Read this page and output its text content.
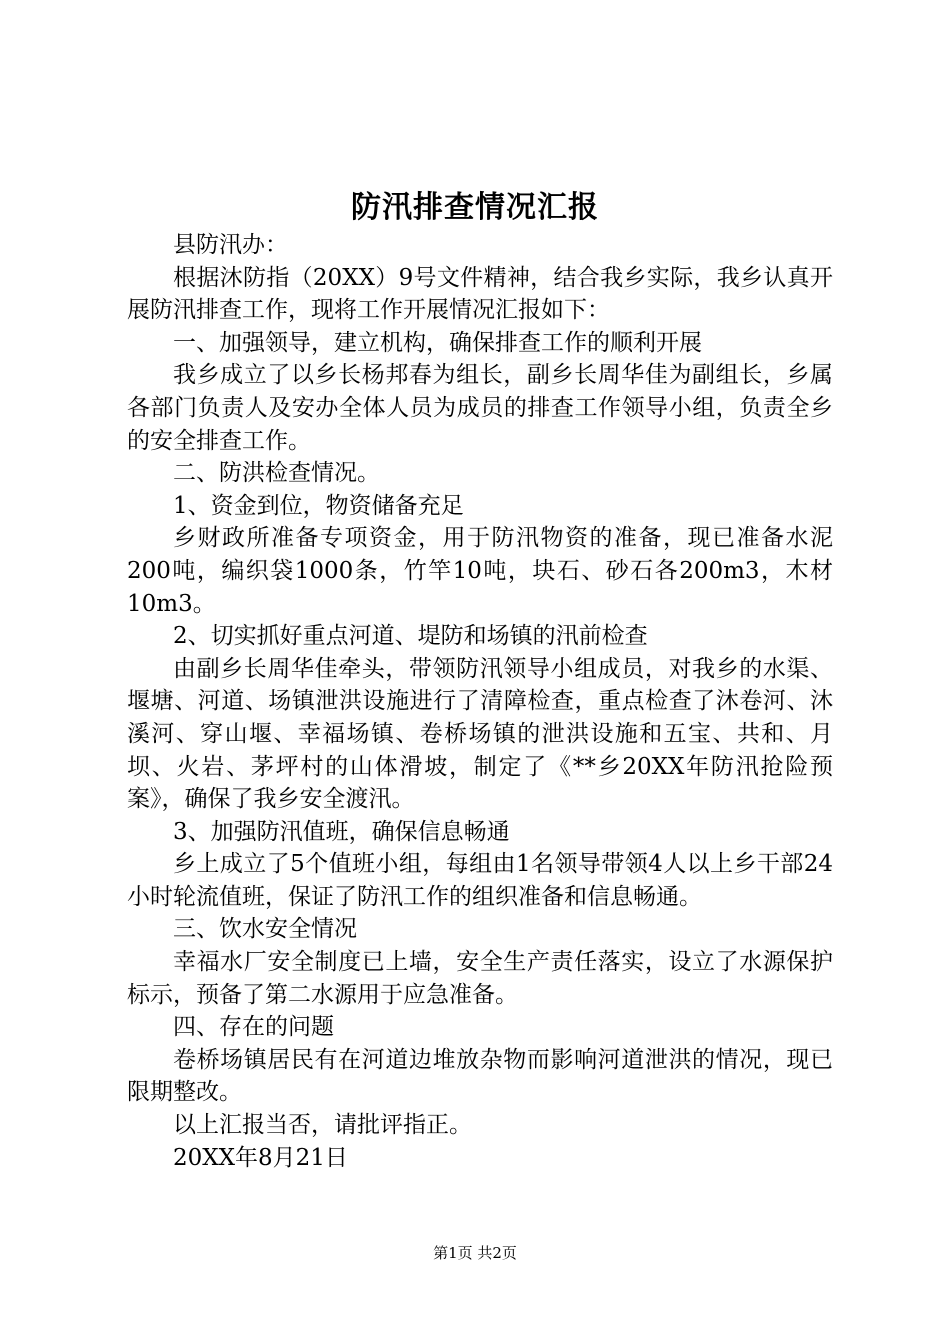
防汛排查情况汇报

县防汛办：

根据沐防指（20XX）9号文件精神，结合我乡实际，我乡认真开展防汛排查工作，现将工作开展情况汇报如下：

一、加强领导，建立机构，确保排查工作的顺利开展

我乡成立了以乡长杨邦春为组长，副乡长周华佳为副组长，乡属各部门负责人及安办全体人员为成员的排查工作领导小组，负责全乡的安全排查工作。

二、防洪检查情况。

1、资金到位，物资储备充足

乡财政所准备专项资金，用于防汛物资的准备，现已准备水泥200吨，编织袋1000条，竹竿10吨，块石、砂石各200m3，木材10m3。

2、切实抓好重点河道、堤防和场镇的汛前检查

由副乡长周华佳牵头，带领防汛领导小组成员，对我乡的水渠、堰塘、河道、场镇泄洪设施进行了清障检查，重点检查了沐卷河、沐溪河、穿山堰、幸福场镇、卷桥场镇的泄洪设施和五宝、共和、月坝、火岩、茅坪村的山体滑坡，制定了《**乡20XX年防汛抢险预案》，确保了我乡安全渡汛。

3、加强防汛值班，确保信息畅通

乡上成立了5个值班小组，每组由1名领导带领4人以上乡干部24小时轮流值班，保证了防汛工作的组织准备和信息畅通。

三、饮水安全情况

幸福水厂安全制度已上墙，安全生产责任落实，设立了水源保护标示，预备了第二水源用于应急准备。

四、存在的问题

卷桥场镇居民有在河道边堆放杂物而影响河道泄洪的情况，现已限期整改。

以上汇报当否，请批评指正。

20XX年8月21日

第1页 共2页
